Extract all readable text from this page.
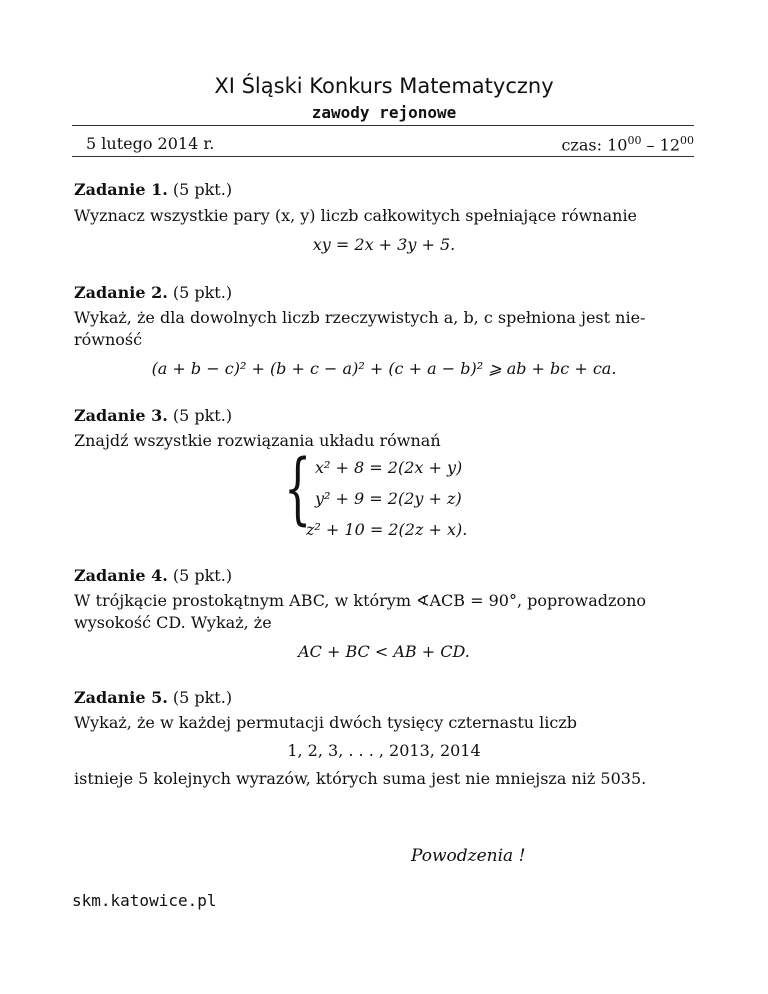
XI Śląski Konkurs Matematyczny
zawody rejonowe
5 lutego 2014 r.	czas: $10^{00} - 12^{00}$
Zadanie 1. (5 pkt.)
Wyznacz wszystkie pary (x, y) liczb całkowitych spełniające równanie
xy = 2x + 3y + 5.
Zadanie 2. (5 pkt.)
Wykaż, że dla dowolnych liczb rzeczywistych a, b, c spełniona jest nie-
równość
(a + b − c)² + (b + c − a)² + (c + a − b)² ⩾ ab + bc + ca.
Zadanie 3. (5 pkt.)
Znajdź wszystkie rozwiązania układu równań
{ x² + 8 = 2(2x + y)
y² + 9 = 2(2y + z)
z² + 10 = 2(2z + x).
Zadanie 4. (5 pkt.)
W trójkącie prostokątnym ABC, w którym ∢ACB = 90°, poprowadzono
wysokość CD. Wykaż, że
AC + BC < AB + CD.
Zadanie 5. (5 pkt.)
Wykaż, że w każdej permutacji dwóch tysięcy czternastu liczb
1, 2, 3, . . . , 2013, 2014
istnieje 5 kolejnych wyrazów, których suma jest nie mniejsza niż 5035.
Powodzenia !
skm.katowice.pl
